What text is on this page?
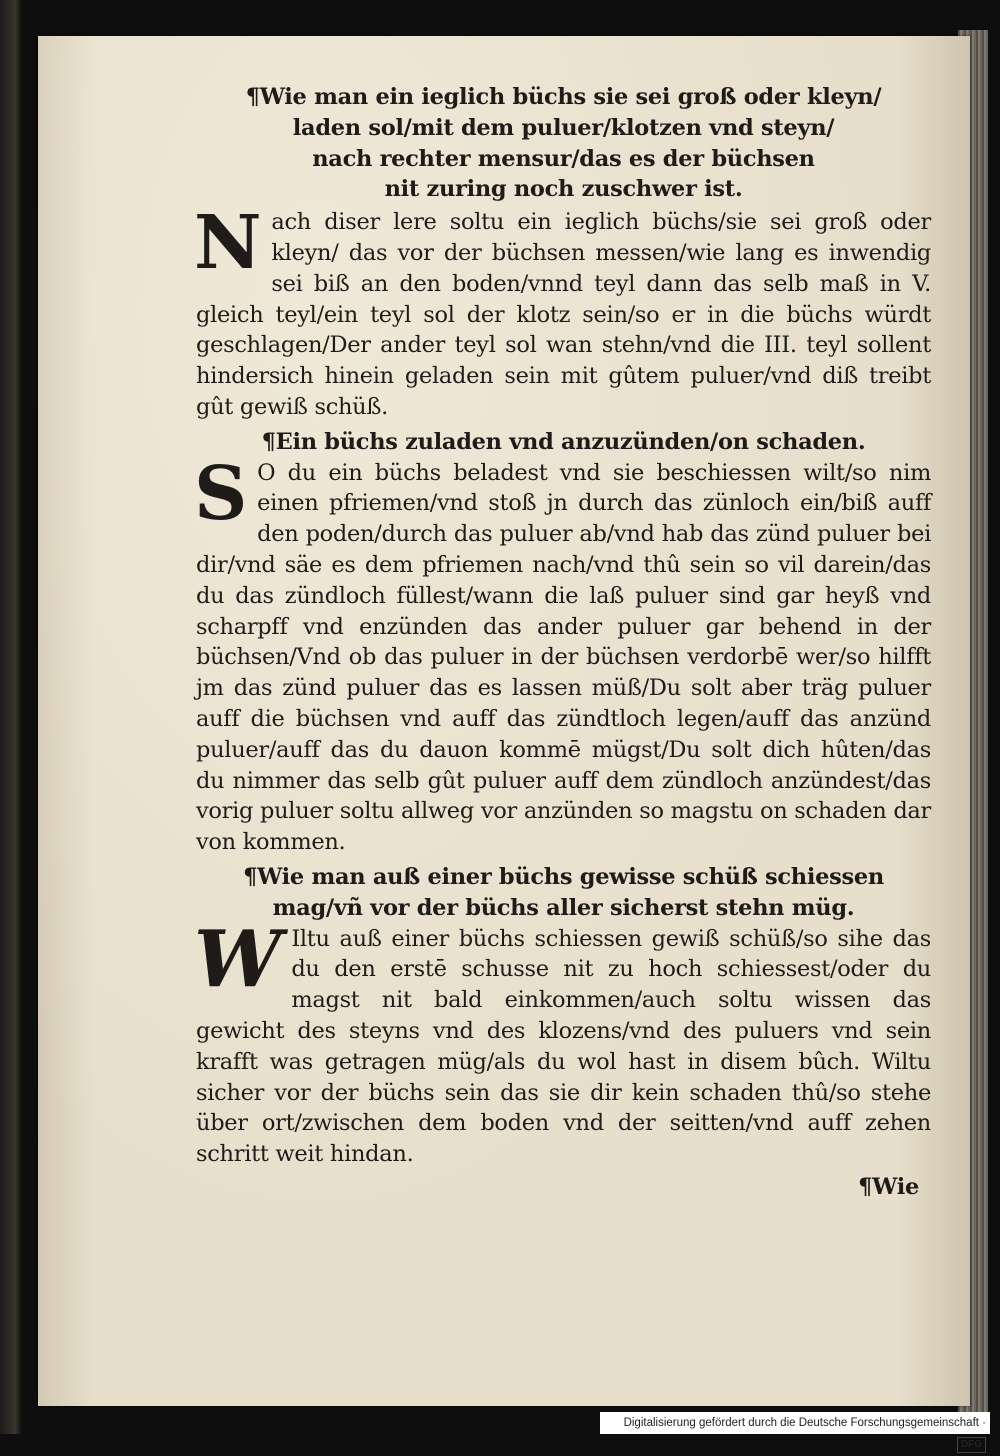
¶Wie man ein ieglich büchs sie sei groß oder kleyn/
laden sol/mit dem puluer/klotzen vnd steyn/
nach rechter mensur/das es der büchsen
nit zuring noch zuschwer ist.
Nach diser lere soltu ein ieglich büchs/sie sei groß oder kleyn/ das vor der büchsen messen/wie lang es inwendig sei biß an den boden/vnnd teyl dann das selb maß in V. gleich teyl/ein teyl sol der klotz sein/so er in die büchs würdt geschlagen/Der ander teyl sol wan stehn/vnd die III. teyl sollent hindersich hinein geladen sein mit gûtem puluer/vnd diß treibt gût gewiß schüß.
¶Ein büchs zuladen vnd anzuzünden/on schaden.
S O du ein büchs beladest vnd sie beschiessen wilt/so nim einen pfriemen/vnd stoß jn durch das zünloch ein/biß auff den poden/durch das puluer ab/vnd hab das zünd puluer bei dir/vnd säe es dem pfriemen nach/vnd thû sein so vil darein/das du das zündloch füllest/wann die laß puluer sind gar heyß vnd scharpff vnd enzünden das ander puluer gar behend in der büchsen/Vnd ob das puluer in der büchsen verdorbē wer/so hilfft jm das zünd puluer das es lassen müß/Du solt aber träg puluer auff die büchsen vnd auff das zündtloch legen/auff das anzünd puluer/auff das du dauon kommē mügst/Du solt dich hûten/das du nimmer das selb gût puluer auff dem zündloch anzündest/das vorig puluer soltu allweg vor anzünden so magstu on schaden dar von kommen.
¶Wie man auß einer büchs gewisse schüß schiessen
mag/vñ vor der büchs aller sicherst stehn müg.
W Iltu auß einer büchs schiessen gewiß schüß/so sihe das du den erstē schusse nit zu hoch schiessest/oder du magst nit bald einkommen/auch soltu wissen das gewicht des steyns vnd des klozens/vnd des puluers vnd sein krafft was getragen müg/als du wol hast in disem bûch. Wiltu sicher vor der büchs sein das sie dir kein schaden thû/so stehe über ort/zwischen dem boden vnd der seitten/vnd auff zehen schritt weit hindan.
¶Wie
Digitalisierung gefördert durch die Deutsche Forschungsgemeinschaft ·DFG
